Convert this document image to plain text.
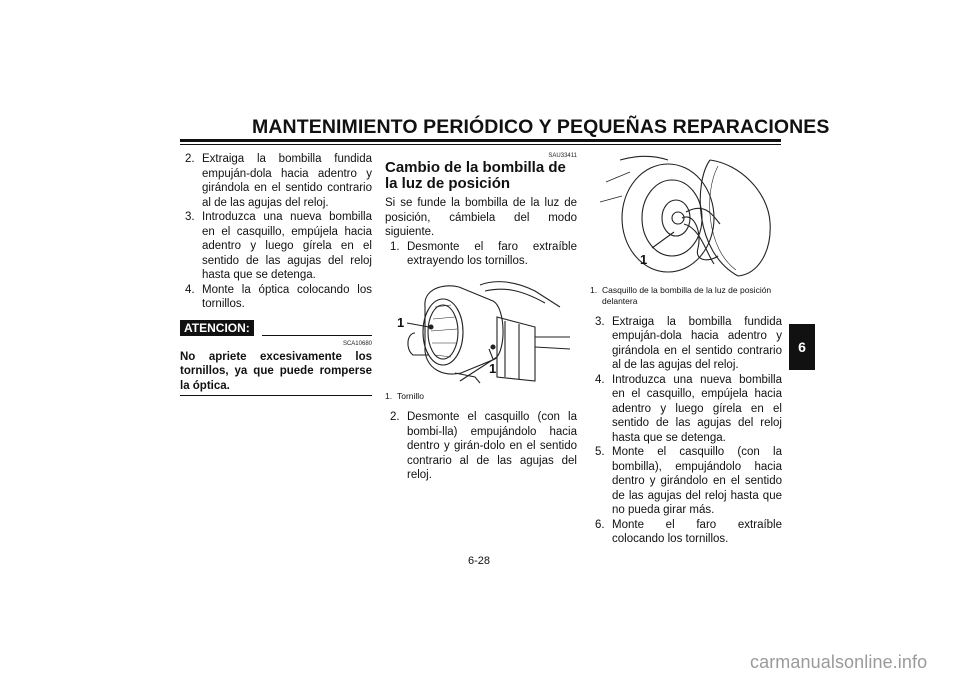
MANTENIMIENTO PERIÓDICO Y PEQUEÑAS REPARACIONES
2. Extraiga la bombilla fundida empuján-dola hacia adentro y girándola en el sentido contrario al de las agujas del reloj.
3. Introduzca una nueva bombilla en el casquillo, empújela hacia adentro y luego gírela en el sentido de las agujas del reloj hasta que se detenga.
4. Monte la óptica colocando los tornillos.
ATENCION:
SCA10680
No apriete excesivamente los tornillos, ya que puede romperse la óptica.
SAU33411
Cambio de la bombilla de la luz de posición
Si se funde la bombilla de la luz de posición, cámbiela del modo siguiente.
1. Desmonte el faro extraíble extrayendo los tornillos.
1
1
1. Tornillo
2. Desmonte el casquillo (con la bombi-lla) empujándolo hacia dentro y girán-dolo en el sentido contrario al de las agujas del reloj.
1
1. Casquillo de la bombilla de la luz de posición
delantera
3. Extraiga la bombilla fundida empuján-dola hacia adentro y girándola en el sentido contrario al de las agujas del reloj.
4. Introduzca una nueva bombilla en el casquillo, empújela hacia adentro y luego gírela en el sentido de las agujas del reloj hasta que se detenga.
5. Monte el casquillo (con la bombilla), empujándolo hacia dentro y girándolo en el sentido de las agujas del reloj hasta que no pueda girar más.
6. Monte el faro extraíble colocando los tornillos.
6
6-28
carmanualsonline.info
